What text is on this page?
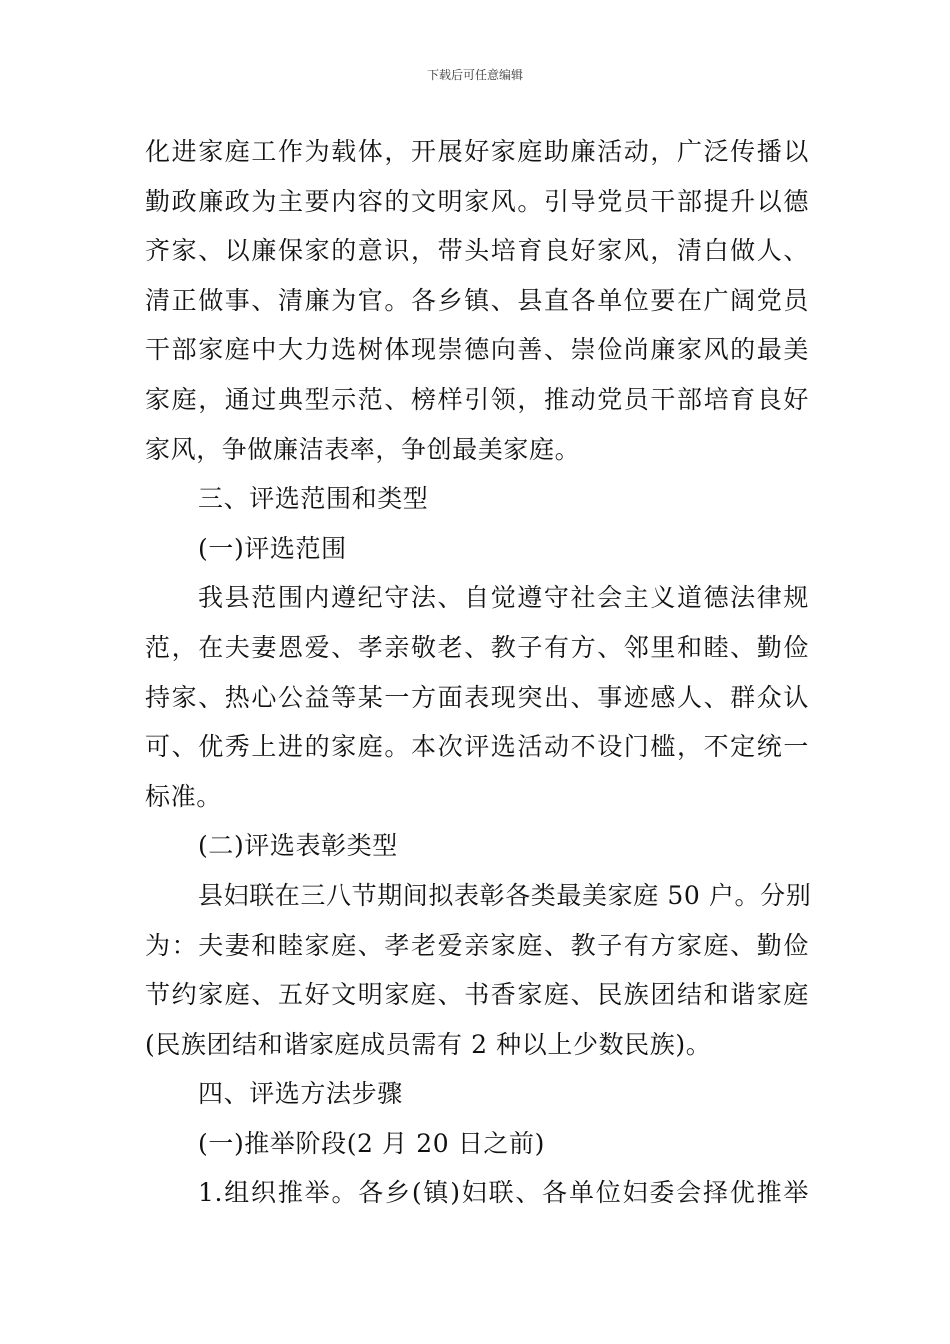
下载后可任意编辑
化进家庭工作为载体，开展好家庭助廉活动，广泛传播以
勤政廉政为主要内容的文明家风。引导党员干部提升以德
齐家、以廉保家的意识，带头培育良好家风，清白做人、
清正做事、清廉为官。各乡镇、县直各单位要在广阔党员
干部家庭中大力选树体现崇德向善、崇俭尚廉家风的最美
家庭，通过典型示范、榜样引领，推动党员干部培育良好
家风，争做廉洁表率，争创最美家庭。
三、评选范围和类型
(一)评选范围
我县范围内遵纪守法、自觉遵守社会主义道德法律规
范，在夫妻恩爱、孝亲敬老、教子有方、邻里和睦、勤俭
持家、热心公益等某一方面表现突出、事迹感人、群众认
可、优秀上进的家庭。本次评选活动不设门槛，不定统一
标准。
(二)评选表彰类型
县妇联在三八节期间拟表彰各类最美家庭 50 户。分别
为：夫妻和睦家庭、孝老爱亲家庭、教子有方家庭、勤俭
节约家庭、五好文明家庭、书香家庭、民族团结和谐家庭
(民族团结和谐家庭成员需有 2 种以上少数民族)。
四、评选方法步骤
(一)推举阶段(2 月 20 日之前)
1.组织推举。各乡(镇)妇联、各单位妇委会择优推举
